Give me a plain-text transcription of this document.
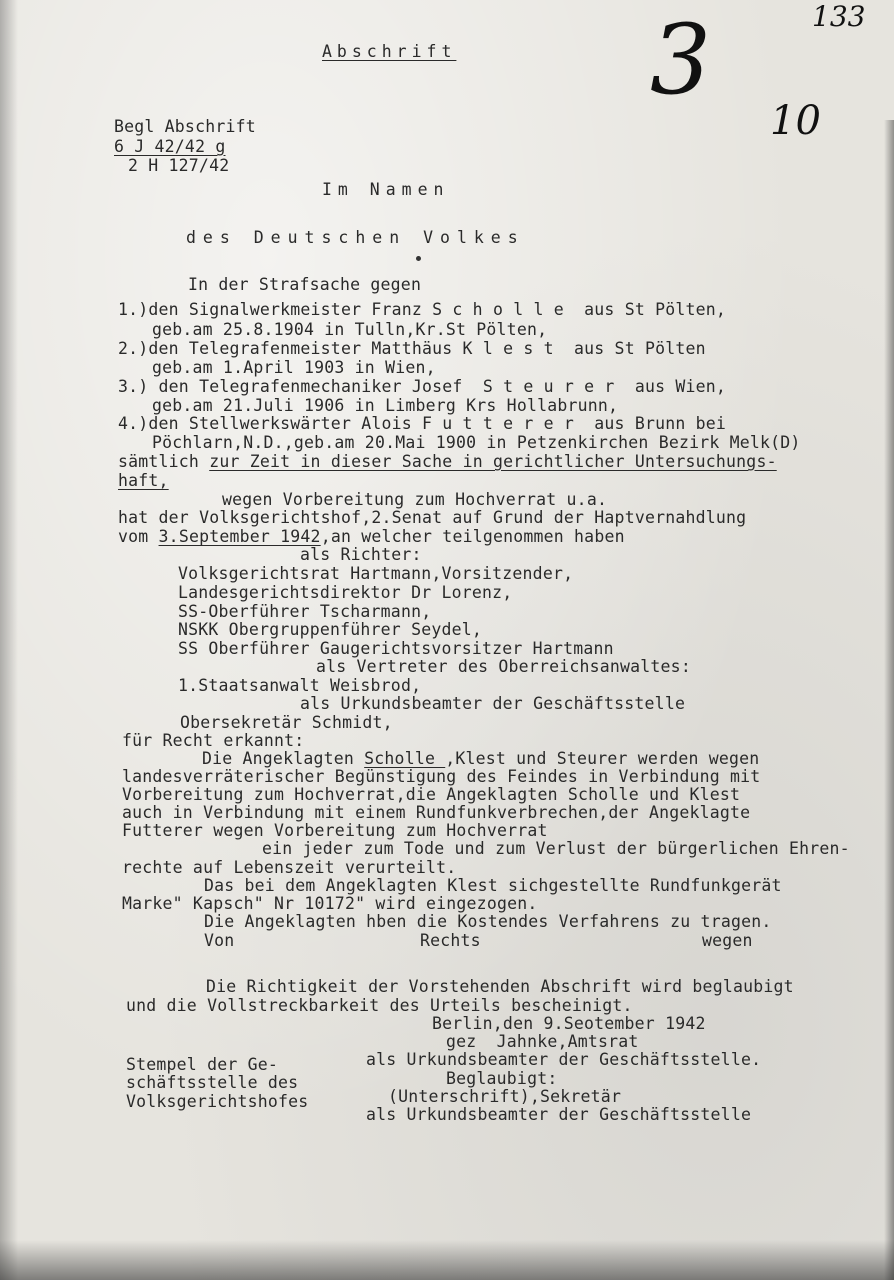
133
3
10
Abschrift
Begl Abschrift
6 J 42/42 g
2 H 127/42
Im Namen
des Deutschen Volkes
In der Strafsache gegen
1.)den Signalwerkmeister Franz S c h o l l e  aus St Pölten,
geb.am 25.8.1904 in Tulln,Kr.St Pölten,
2.)den Telegrafenmeister Matthäus K l e s t  aus St Pölten
geb.am 1.April 1903 in Wien,
3.) den Telegrafenmechaniker Josef  S t e u r e r  aus Wien,
geb.am 21.Juli 1906 in Limberg Krs Hollabrunn,
4.)den Stellwerkswärter Alois F u t t e r e r  aus Brunn bei
Pöchlarn,N.D.,geb.am 20.Mai 1900 in Petzenkirchen Bezirk Melk(D)
sämtlich zur Zeit in dieser Sache in gerichtlicher Untersuchungs-
haft,
wegen Vorbereitung zum Hochverrat u.a.
hat der Volksgerichtshof,2.Senat auf Grund der Haptvernahdlung
vom 3.September 1942,an welcher teilgenommen haben
als Richter:
Volksgerichtsrat Hartmann,Vorsitzender,
Landesgerichtsdirektor Dr Lorenz,
SS-Oberführer Tscharmann,
NSKK Obergruppenführer Seydel,
SS Oberführer Gaugerichtsvorsitzer Hartmann
als Vertreter des Oberreichsanwaltes:
1.Staatsanwalt Weisbrod,
als Urkundsbeamter der Geschäftsstelle
Obersekretär Schmidt,
für Recht erkannt:
Die Angeklagten Scholle ,Klest und Steurer werden wegen
landesverräterischer Begünstigung des Feindes in Verbindung mit
Vorbereitung zum Hochverrat,die Angeklagten Scholle und Klest
auch in Verbindung mit einem Rundfunkverbrechen,der Angeklagte
Futterer wegen Vorbereitung zum Hochverrat
ein jeder zum Tode und zum Verlust der bürgerlichen Ehren-
rechte auf Lebenszeit verurteilt.
Das bei dem Angeklagten Klest sichgestellte Rundfunkgerät
Marke" Kapsch" Nr 10172" wird eingezogen.
Die Angeklagten hben die Kostendes Verfahrens zu tragen.
Von	Rechts	wegen
Die Richtigkeit der Vorstehenden Abschrift wird beglaubigt
und die Vollstreckbarkeit des Urteils bescheinigt.
Berlin,den 9.Seotember 1942
gez  Jahnke,Amtsrat
Stempel der Ge-	als Urkundsbeamter der Geschäftsstelle.
Beglaubigt:
schäftsstelle des
(Unterschrift),Sekretär
Volksgerichtshofes
als Urkundsbeamter der Geschäftsstelle
